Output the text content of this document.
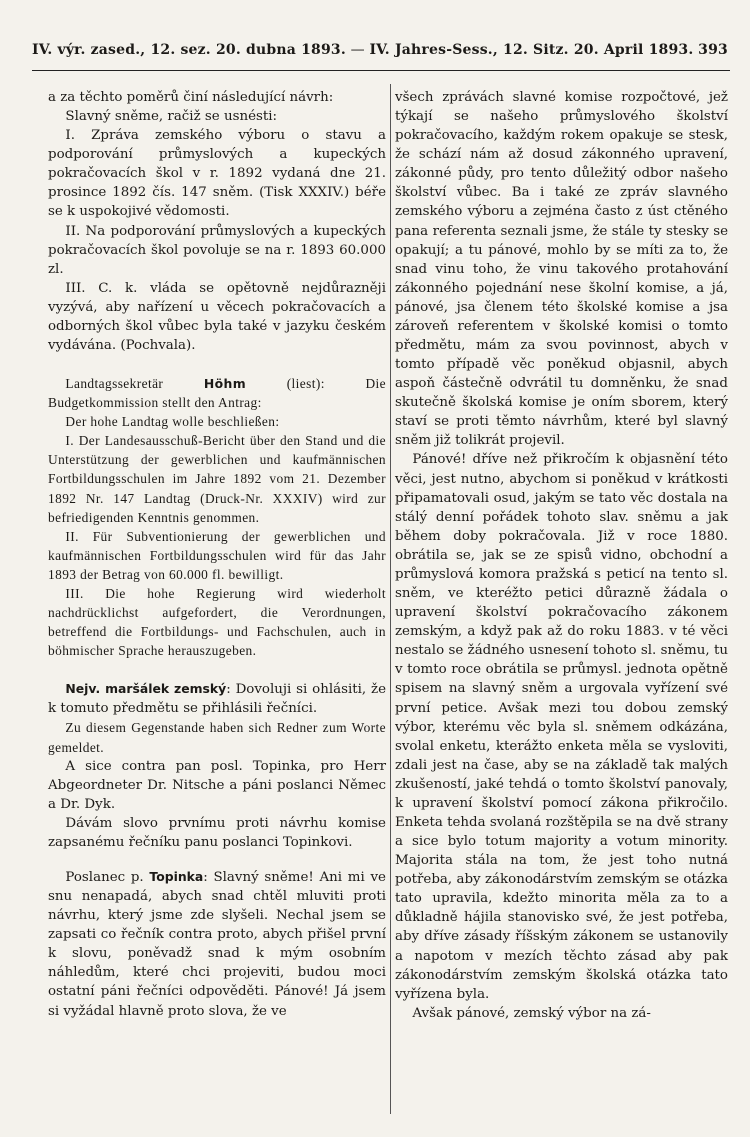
IV. výr. zased., 12. sez. 20. dubna 1893. — IV. Jahres-Sess., 12. Sitz. 20. April 1893. 393

a za těchto poměrů činí následující návrh:

Slavný sněme, račiž se usnésti:

I. Zpráva zemského výboru o stavu a podporování průmyslových a kupeckých pokračovacích škol v r. 1892 vydaná dne 21. prosince 1892 čís. 147 sněm. (Tisk XXXIV.) béře se k uspokojivé vědomosti.

II. Na podporování průmyslových a kupeckých pokračovacích škol povoluje se na r. 1893 60.000 zl.

III. C. k. vláda se opětovně nejdůrazněji vyzývá, aby nařízení u věcech pokračovacích a odborných škol vůbec byla také v jazyku českém vydávána. (Pochvala).

Landtagssekretär	Höhm	(liest): Die Budgetkommission stellt den Antrag:

Der hohe Landtag wolle beschließen:

I. Der Landesausschuß-Bericht über den Stand und die Unterstützung der gewerblichen und kaufmännischen Fortbildungsschulen im Jahre 1892 vom 21. Dezember 1892 Nr. 147 Landtag (Druck-Nr. XXXIV) wird zur befriedigenden Kenntnis genommen.

II. Für Subventionierung der gewerblichen und kaufmännischen Fortbildungsschulen wird für das Jahr 1893 der Betrag von 60.000 fl. bewilligt.

III. Die hohe Regierung wird wiederholt nachdrücklichst aufgefordert, die Verordnungen, betreffend die Fortbildungs- und Fachschulen, auch in böhmischer Sprache herauszugeben.

Nejv. maršálek zemský: Dovoluji si ohlásiti, že k tomuto předmětu se přihlásili řečníci.

Zu diesem Gegenstande haben sich Redner zum Worte gemeldet.

A sice contra pan posl. Topinka, pro Herr Abgeordneter Dr. Nitsche a páni poslanci Němec a Dr. Dyk.

Dávám slovo prvnímu proti návrhu komise zapsanému řečníku panu poslanci Topinkovi.

Poslanec p. Topinka: Slavný sněme! Ani mi ve snu nenapadá, abych snad chtěl mluviti proti návrhu, který jsme zde slyšeli. Nechal jsem se zapsati co řečník contra proto, abych přišel první k slovu, poněvadž snad k mým osobním náhledům, které chci projeviti, budou moci ostatní páni řečníci odpověděti. Pánové! Já jsem si vyžádal hlavně proto slova, že ve

všech zprávách slavné komise rozpočtové, jež týkají se našeho průmyslového školství pokračovacího, každým rokem opakuje se stesk, že schází nám až dosud zákonného upravení, zákonné půdy, pro tento důležitý odbor našeho školství vůbec. Ba i také ze zpráv slavného zemského výboru a zejména často z úst ctěného pana referenta seznali jsme, že stále ty stesky se opakují; a tu pánové, mohlo by se míti za to, že snad vinu toho, že vinu takového protahování zákonného pojednání nese školní komise, a já, pánové, jsa členem této školské komise a jsa zároveň referentem v školské komisi o tomto předmětu, mám za svou povinnost, abych v tomto případě věc poněkud objasnil, abych aspoň částečně odvrátil tu domněnku, že snad skutečně školská komise je oním sborem, který staví se proti těmto návrhům, které byl slavný sněm již tolikrát projevil.

Pánové! dříve než přikročím k objasnění této věci, jest nutno, abychom si poněkud v krátkosti připamatovali osud, jakým se tato věc dostala na stálý denní pořádek tohoto slav. sněmu a jak během doby pokračovala. Již v roce 1880. obrátila se, jak se ze spisů vidno, obchodní a průmyslová komora pražská s peticí na tento sl. sněm, ve kteréžto petici důrazně žádala o upravení školství pokračovacího zákonem zemským, a když pak až do roku 1883. v té věci nestalo se žádného usnesení tohoto sl. sněmu, tu v tomto roce obrátila se průmysl. jednota opětně spisem na slavný sněm a urgovala vyřízení své první petice. Avšak mezi tou dobou zemský výbor, kterému věc byla sl. sněmem odkázána, svolal enketu, kterážto enketa měla se vysloviti, zdali jest na čase, aby se na základě tak malých zkušeností, jaké tehdá o tomto školství panovaly, k upravení školství pomocí zákona přikročilo. Enketa tehda svolaná rozštěpila se na dvě strany a sice bylo totum majority a votum minority. Majorita stála na tom, že jest toho nutná potřeba, aby zákonodárstvím zemským se otázka tato upravila, kdežto minorita měla za to a důkladně hájila stanovisko své, že jest potřeba, aby dříve zásady říšským zákonem se ustanovily a napotom v mezích těchto zásad aby pak zákonodárstvím zemským školská otázka tato vyřízena byla.

Avšak pánové, zemský výbor na zá-
